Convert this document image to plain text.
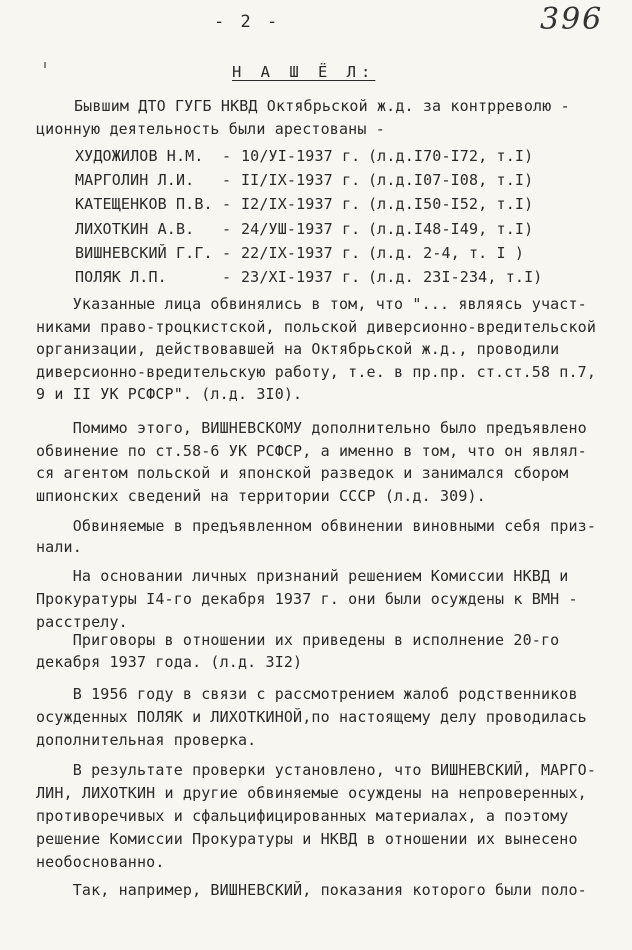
- 2 -	396
Н А Ш Ё Л:
Бывшим ДТО ГУГБ НКВД Октябрьской ж.д. за контрреволю -
ционную деятельность были арестованы -
ХУДОЖИЛОВ Н.М. - 10/УI-1937 г. (л.д.I70-I72, т.I)
МАРГОЛИН Л.И. - II/IX-1937 г. (л.д.I07-I08, т.I)
КАТЕЩЕНКОВ П.В. - I2/IX-1937 г. (л.д.I50-I52, т.I)
ЛИХОТКИН А.В. - 24/УШ-1937 г. (л.д.I48-I49, т.I)
ВИШНЕВСКИЙ Г.Г. - 22/IX-1937 г. (л.д. 2-4, т. I )
ПОЛЯК Л.П.	- 23/XI-1937 г. (л.д. 23I-234, т.I)
Указанные лица обвинялись в том, что "... являясь участ-
никами право-троцкистской, польской диверсионно-вредительской
организации, действовавшей на Октябрьской ж.д., проводили
диверсионно-вредительскую работу, т.е. в пр.пр. ст.ст.58 п.7,
9 и II УК РСФСР". (л.д. 3I0).
Помимо этого, ВИШНЕВСКОМУ дополнительно было предъявлено
обвинение по ст.58-6 УК РСФСР, а именно в том, что он являл-
ся агентом польской и японской разведок и занимался сбором
шпионских сведений на территории СССР (л.д. 309).
Обвиняемые в предъявленном обвинении виновными себя приз-
нали.
На основании личных признаний решением Комиссии НКВД и
Прокуратуры I4-го декабря 1937 г. они были осуждены к ВМН -
расстрелу.
Приговоры в отношении их приведены в исполнение 20-го
декабря 1937 года. (л.д. 3I2)
В 1956 году в связи с рассмотрением жалоб родственников
осужденных ПОЛЯК и ЛИХОТКИНОЙ,по настоящему делу проводилась
дополнительная проверка.
В результате проверки установлено, что ВИШНЕВСКИЙ, МАРГО-
ЛИН, ЛИХОТКИН и другие обвиняемые осуждены на непроверенных,
противоречивых и сфальцифицированных материалах, а поэтому
решение Комиссии Прокуратуры и НКВД в отношении их вынесено
необоснованно.
Так, например, ВИШНЕВСКИЙ, показания которого были поло-
